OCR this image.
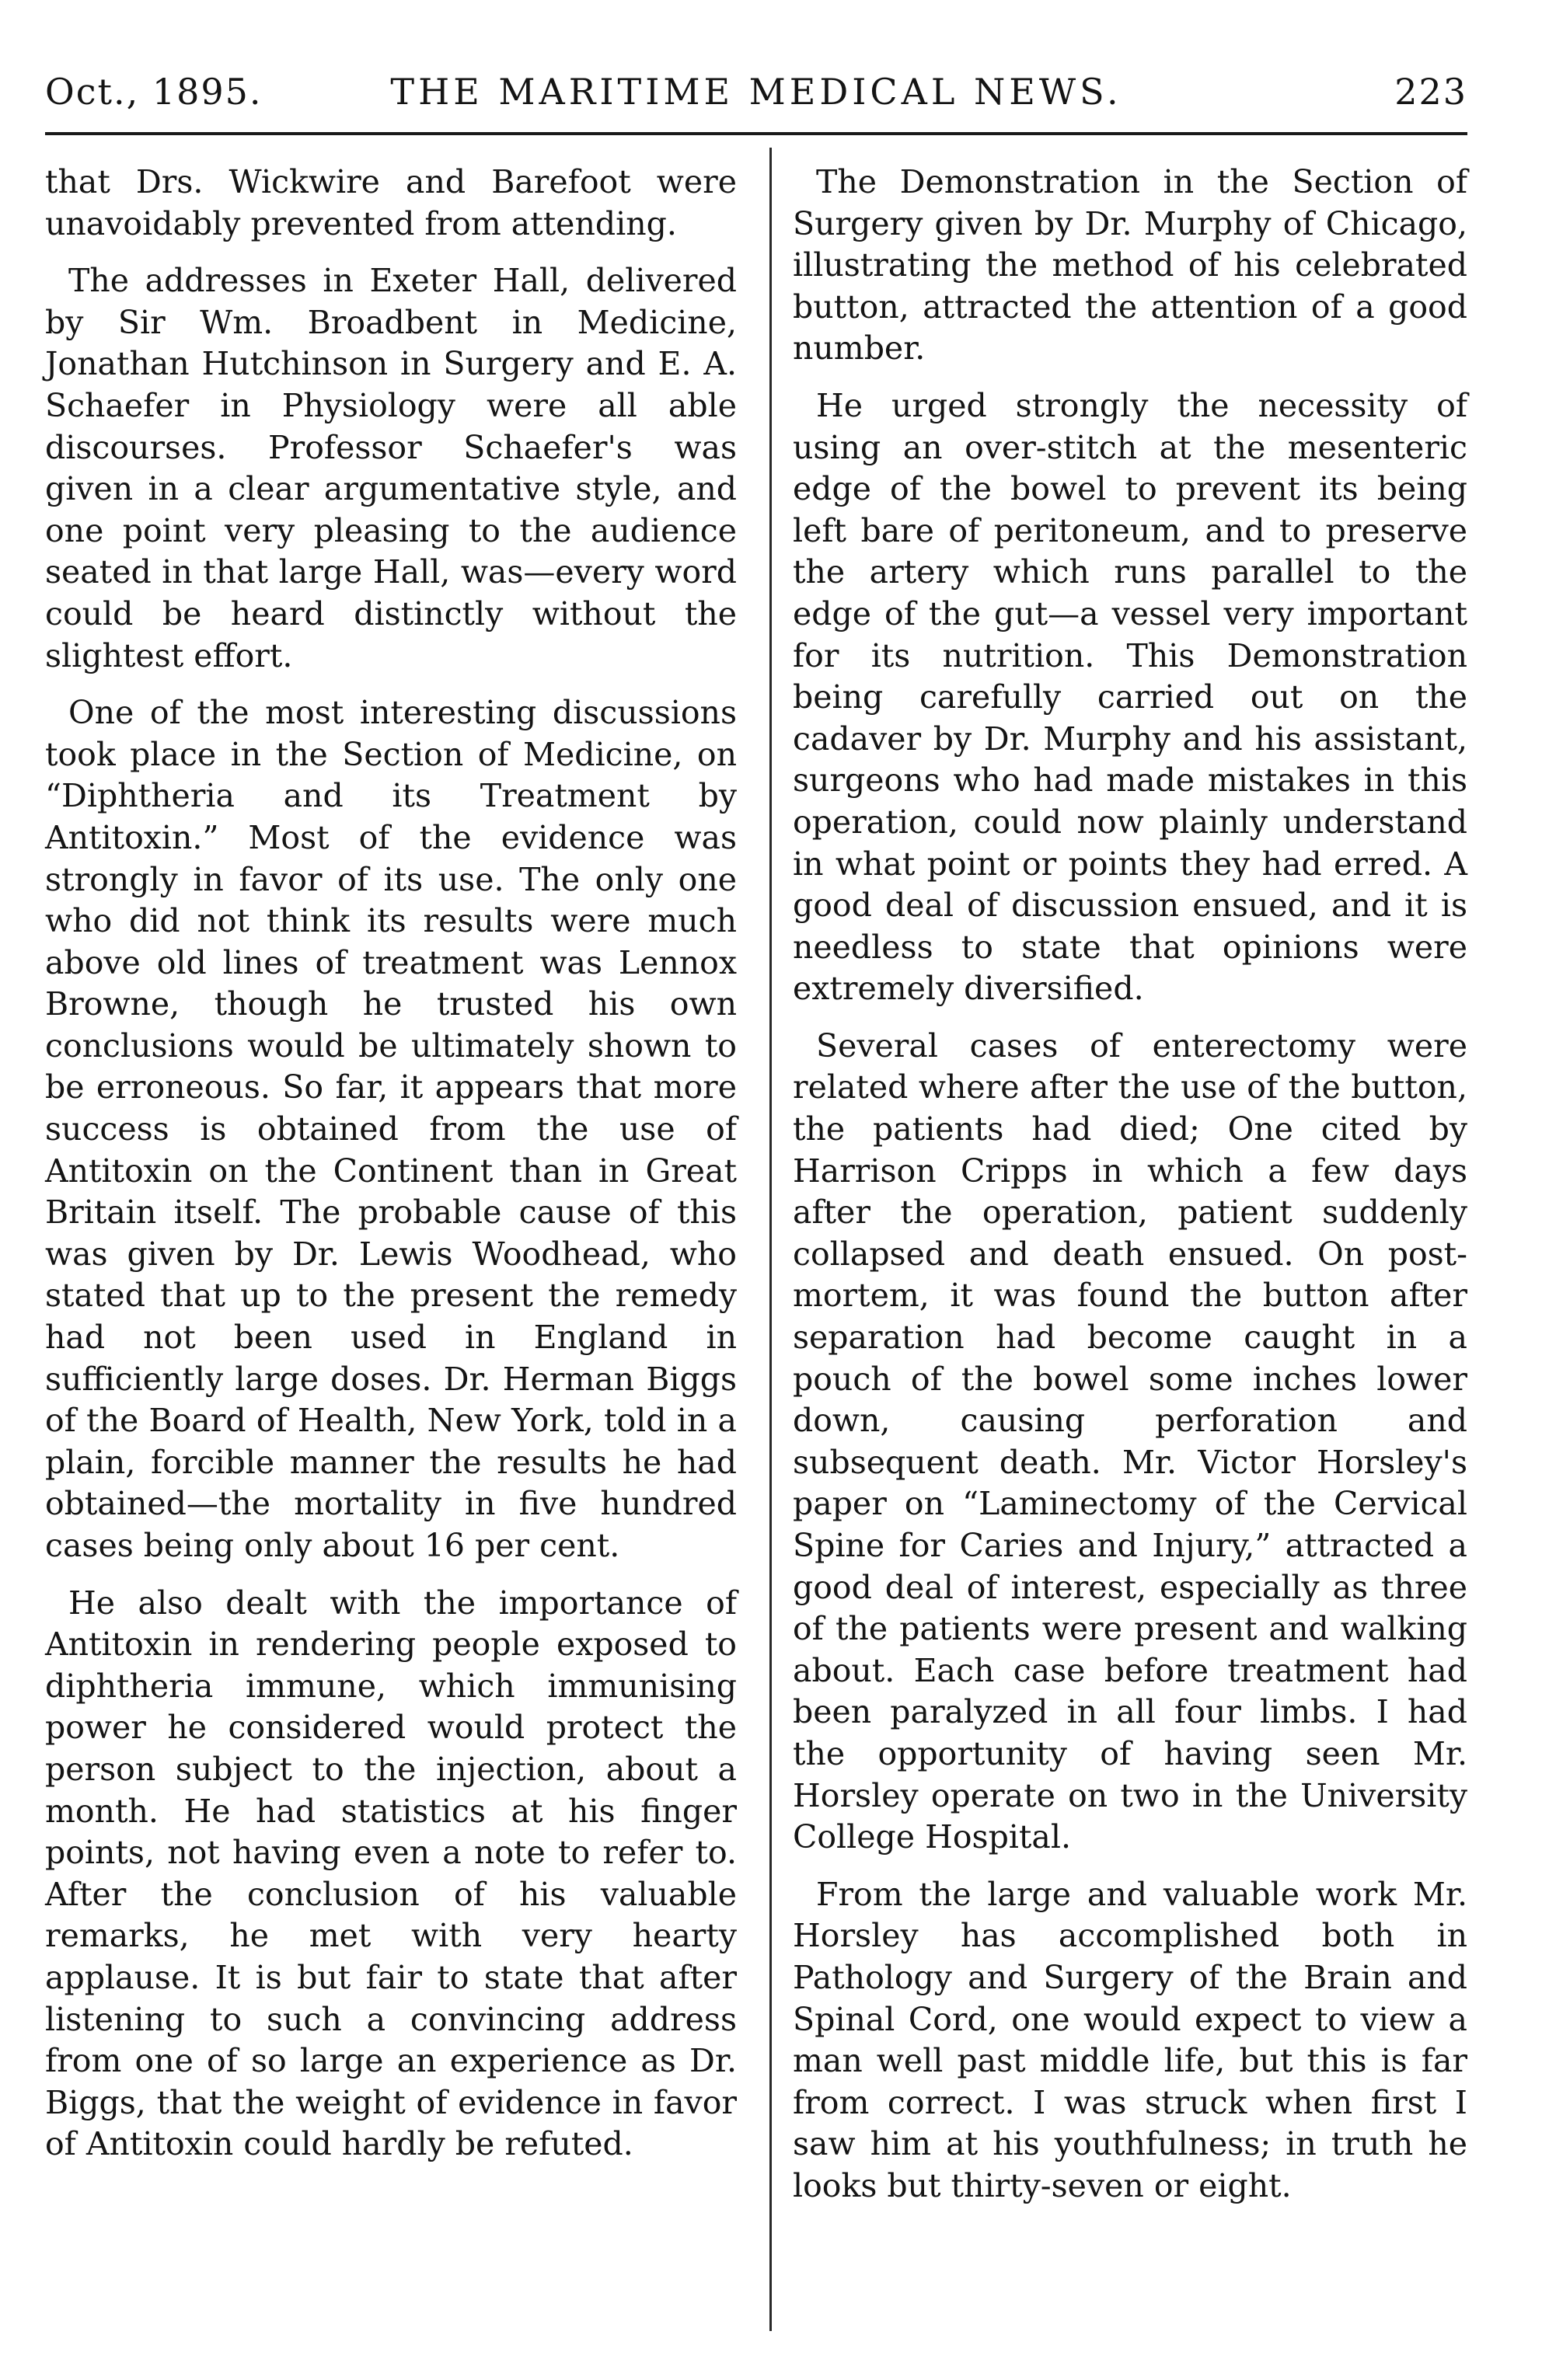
Oct., 1895.	THE MARITIME MEDICAL NEWS.	223

that Drs. Wickwire and Barefoot were unavoidably prevented from attending.

The addresses in Exeter Hall, delivered by Sir Wm. Broadbent in Medicine, Jonathan Hutchinson in Surgery and E. A. Schaefer in Physiology were all able discourses. Professor Schaefer's was given in a clear argumentative style, and one point very pleasing to the audience seated in that large Hall, was—every word could be heard distinctly without the slightest effort.

One of the most interesting discussions took place in the Section of Medicine, on “Diphtheria and its Treatment by Antitoxin.” Most of the evidence was strongly in favor of its use. The only one who did not think its results were much above old lines of treatment was Lennox Browne, though he trusted his own conclusions would be ultimately shown to be erroneous. So far, it appears that more success is obtained from the use of Antitoxin on the Continent than in Great Britain itself. The probable cause of this was given by Dr. Lewis Woodhead, who stated that up to the present the remedy had not been used in England in sufficiently large doses. Dr. Herman Biggs of the Board of Health, New York, told in a plain, forcible manner the results he had obtained—the mortality in five hundred cases being only about 16 per cent.

He also dealt with the importance of Antitoxin in rendering people exposed to diphtheria immune, which immunising power he considered would protect the person subject to the injection, about a month. He had statistics at his finger points, not having even a note to refer to. After the conclusion of his valuable remarks, he met with very hearty applause. It is but fair to state that after listening to such a convincing address from one of so large an experience as Dr. Biggs, that the weight of evidence in favor of Antitoxin could hardly be refuted.

The Demonstration in the Section of Surgery given by Dr. Murphy of Chicago, illustrating the method of his celebrated button, attracted the attention of a good number.

He urged strongly the necessity of using an over-stitch at the mesenteric edge of the bowel to prevent its being left bare of peritoneum, and to preserve the artery which runs parallel to the edge of the gut—a vessel very important for its nutrition. This Demonstration being carefully carried out on the cadaver by Dr. Murphy and his assistant, surgeons who had made mistakes in this operation, could now plainly understand in what point or points they had erred. A good deal of discussion ensued, and it is needless to state that opinions were extremely diversified.

Several cases of enterectomy were related where after the use of the button, the patients had died; One cited by Harrison Cripps in which a few days after the operation, patient suddenly collapsed and death ensued. On post-mortem, it was found the button after separation had become caught in a pouch of the bowel some inches lower down, causing perforation and subsequent death. Mr. Victor Horsley's paper on “Laminectomy of the Cervical Spine for Caries and Injury,” attracted a good deal of interest, especially as three of the patients were present and walking about. Each case before treatment had been paralyzed in all four limbs. I had the opportunity of having seen Mr. Horsley operate on two in the University College Hospital.

From the large and valuable work Mr. Horsley has accomplished both in Pathology and Surgery of the Brain and Spinal Cord, one would expect to view a man well past middle life, but this is far from correct. I was struck when first I saw him at his youthfulness; in truth he looks but thirty-seven or eight.
